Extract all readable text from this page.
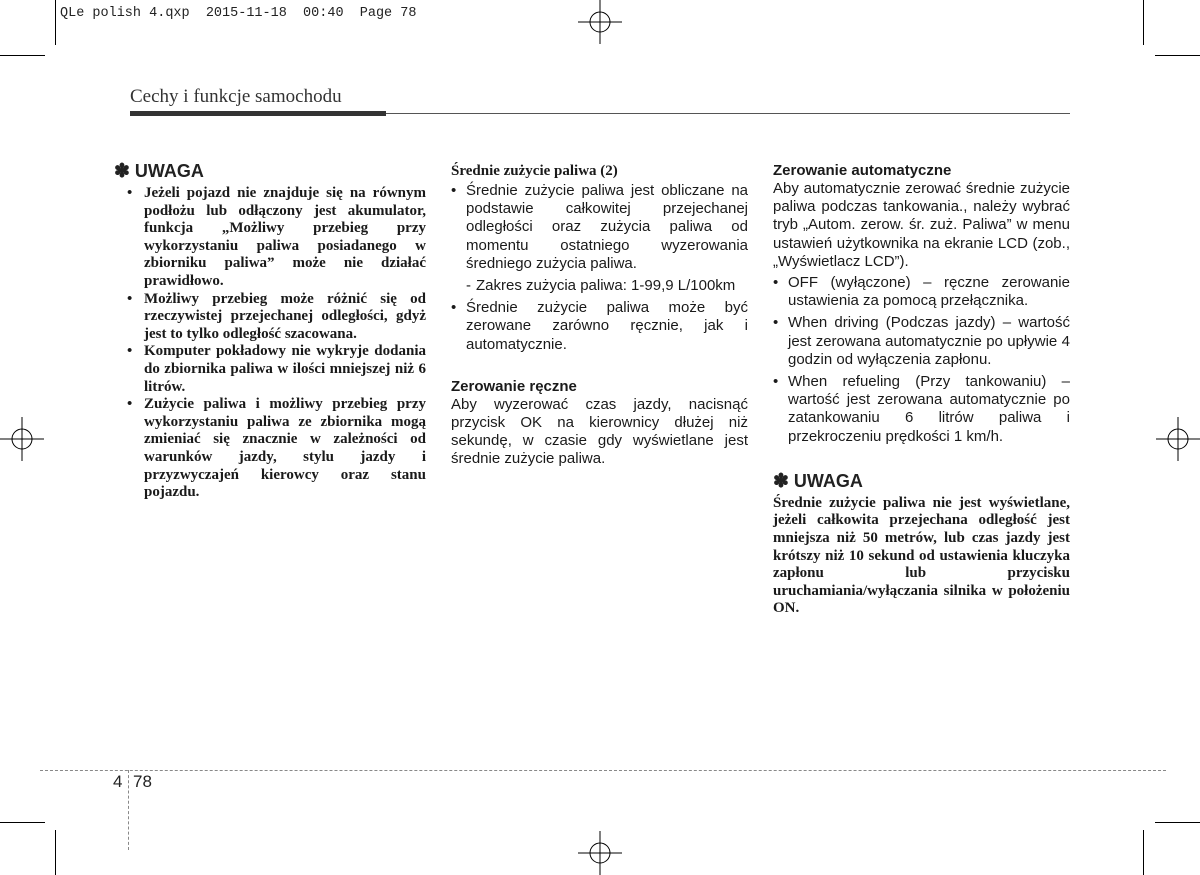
QLe polish 4.qxp  2015-11-18  00:40  Page 78
Cechy i funkcje samochodu
✽ UWAGA
• Jeżeli pojazd nie znajduje się na równym podłożu lub odłączony jest akumulator, funkcja „Możliwy przebieg przy wykorzystaniu paliwa posiadanego w zbiorniku paliwa” może nie działać prawidłowo.
• Możliwy przebieg może różnić się od rzeczywistej przejechanej odległości, gdyż jest to tylko odległość szacowana.
• Komputer pokładowy nie wykryje dodania do zbiornika paliwa w ilości mniejszej niż 6 litrów.
• Zużycie paliwa i możliwy przebieg przy wykorzystaniu paliwa ze zbiornika mogą zmieniać się znacznie w zależności od warunków jazdy, stylu jazdy i przyzwyczajeń kierowcy oraz stanu pojazdu.
Średnie zużycie paliwa (2)
• Średnie zużycie paliwa jest obliczane na podstawie całkowitej przejechanej odległości oraz zużycia paliwa od momentu ostatniego wyzerowania średniego zużycia paliwa.
- Zakres zużycia paliwa: 1-99,9 L/100km
• Średnie zużycie paliwa może być zerowane zarówno ręcznie, jak i automatycznie.
Zerowanie ręczne
Aby wyzerować czas jazdy, nacisnąć przycisk OK na kierownicy dłużej niż sekundę, w czasie gdy wyświetlane jest średnie zużycie paliwa.
Zerowanie automatyczne
Aby automatycznie zerować średnie zużycie paliwa podczas tankowania., należy wybrać tryb „Autom. zerow. śr. zuż. Paliwa” w menu ustawień użytkownika na ekranie LCD (zob., „Wyświetlacz LCD”).
• OFF (wyłączone) – ręczne zerowanie ustawienia za pomocą przełącznika.
• When driving (Podczas jazdy) – wartość jest zerowana automatycznie po upływie 4 godzin od wyłączenia zapłonu.
• When refueling (Przy tankowaniu) – wartość jest zerowana automatycznie po zatankowaniu 6 litrów paliwa i przekroczeniu prędkości 1 km/h.
✽ UWAGA
Średnie zużycie paliwa nie jest wyświetlane, jeżeli całkowita przejechana odległość jest mniejsza niż 50 metrów, lub czas jazdy jest krótszy niż 10 sekund od ustawienia kluczyka zapłonu lub przycisku uruchamiania/wyłączania silnika w położeniu ON.
4 78
